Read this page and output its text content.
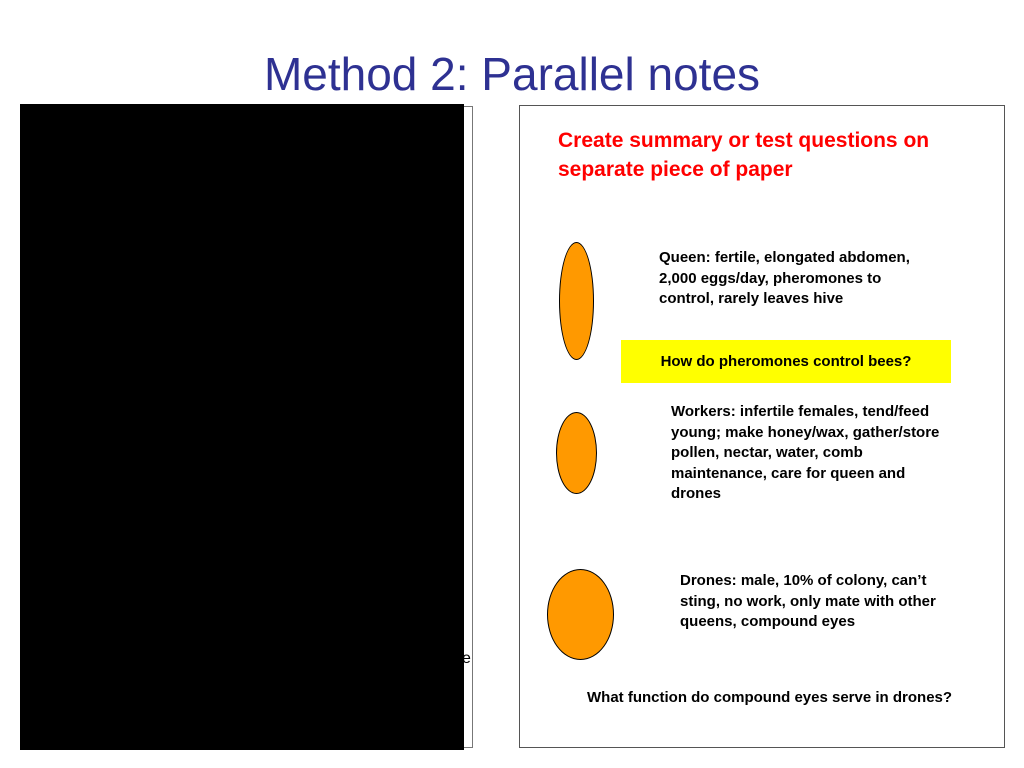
Method 2: Parallel notes
e
Create summary or test questions on separate piece of paper
Queen: fertile, elongated abdomen, 2,000 eggs/day, pheromones to control, rarely leaves hive
How do pheromones control bees?
Workers: infertile females, tend/feed young; make honey/wax, gather/store pollen, nectar, water, comb maintenance, care for queen and drones
Drones: male, 10% of colony, can’t sting, no work, only mate with other queens, compound eyes
What function do compound eyes serve in drones?
